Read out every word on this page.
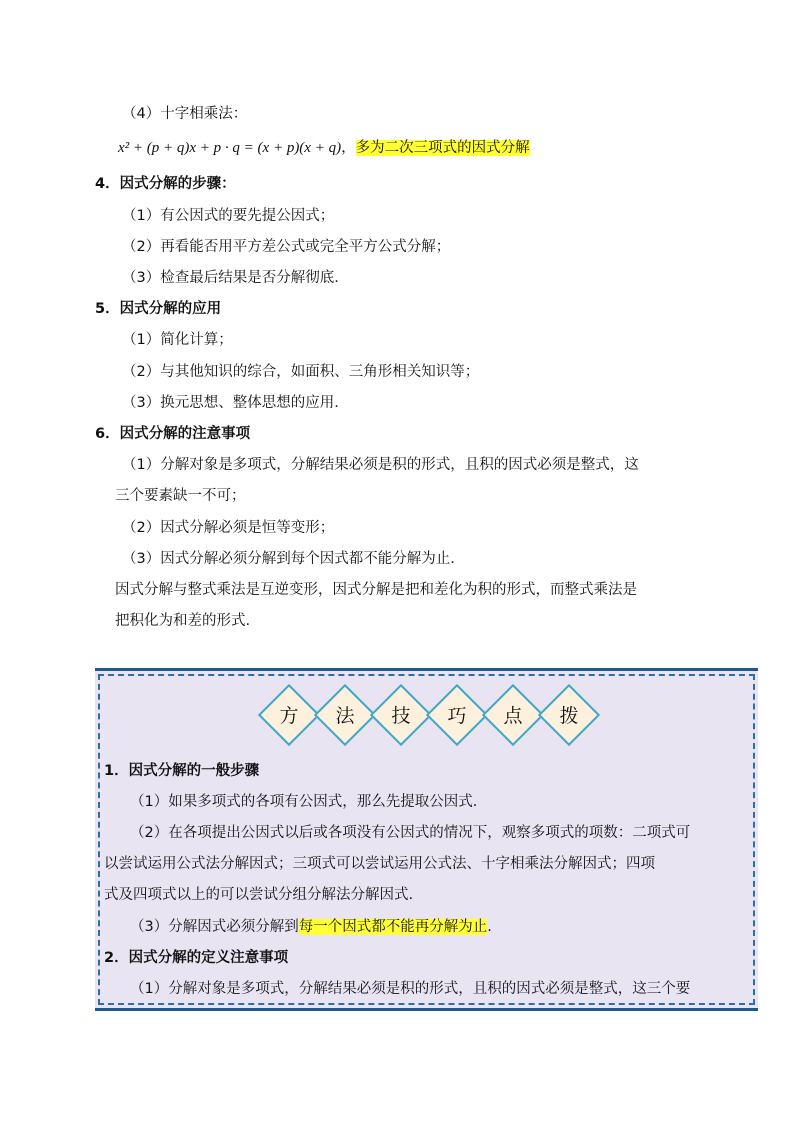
（4）十字相乘法：
x² + (p + q)x + p · q = (x + p)(x + q)，多为二次三项式的因式分解
4．因式分解的步骤：
（1）有公因式的要先提公因式；
（2）再看能否用平方差公式或完全平方公式分解；
（3）检查最后结果是否分解彻底.
5．因式分解的应用
（1）简化计算；
（2）与其他知识的综合，如面积、三角形相关知识等；
（3）换元思想、整体思想的应用.
6．因式分解的注意事项
（1）分解对象是多项式，分解结果必须是积的形式，且积的因式必须是整式，这
三个要素缺一不可；
（2）因式分解必须是恒等变形；
（3）因式分解必须分解到每个因式都不能分解为止.
因式分解与整式乘法是互逆变形，因式分解是把和差化为积的形式，而整式乘法是
把积化为和差的形式.
方	法	技	巧	点	拨
1．因式分解的一般步骤
（1）如果多项式的各项有公因式，那么先提取公因式.
（2）在各项提出公因式以后或各项没有公因式的情况下，观察多项式的项数：二项式可
以尝试运用公式法分解因式；三项式可以尝试运用公式法、十字相乘法分解因式；四项
式及四项式以上的可以尝试分组分解法分解因式.
（3）分解因式必须分解到每一个因式都不能再分解为止.
2．因式分解的定义注意事项
（1）分解对象是多项式，分解结果必须是积的形式，且积的因式必须是整式，这三个要
